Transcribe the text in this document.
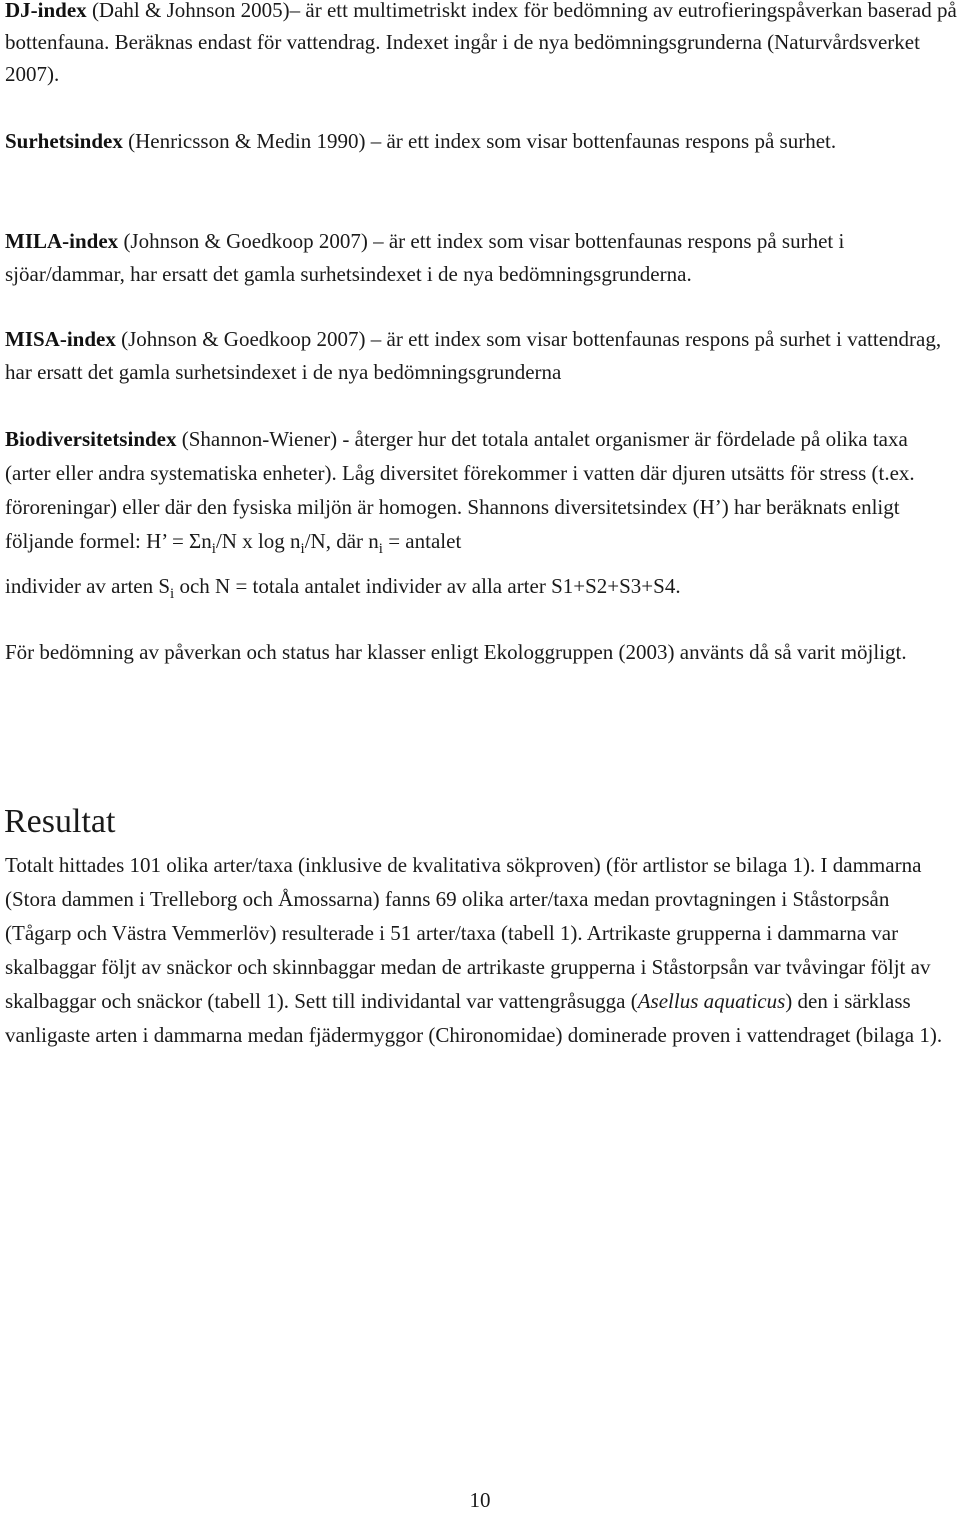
DJ-index (Dahl & Johnson 2005)– är ett multimetriskt index för bedömning av eutrofieringspåverkan baserad på bottenfauna. Beräknas endast för vattendrag. Indexet ingår i de nya bedömningsgrunderna (Naturvårdsverket 2007).

Surhetsindex (Henricsson & Medin 1990) – är ett index som visar bottenfaunas respons på surhet.

MILA-index (Johnson & Goedkoop 2007) – är ett index som visar bottenfaunas respons på surhet i sjöar/dammar, har ersatt det gamla surhetsindexet i de nya bedömningsgrunderna.

MISA-index (Johnson & Goedkoop 2007) – är ett index som visar bottenfaunas respons på surhet i vattendrag, har ersatt det gamla surhetsindexet i de nya bedömningsgrunderna

Biodiversitetsindex (Shannon-Wiener) - återger hur det totala antalet organismer är fördelade på olika taxa (arter eller andra systematiska enheter). Låg diversitet förekommer i vatten där djuren utsätts för stress (t.ex. föroreningar) eller där den fysiska miljön är homogen. Shannons diversitetsindex (H’) har beräknats enligt följande formel: H’ = $\Sigma n_i/N$ x $\log n_i/N$, där $n_i$ = antalet
individer av arten $S_i$ och N = totala antalet individer av alla arter S1+S2+S3+S4.

För bedömning av påverkan och status har klasser enligt Ekologgruppen (2003) använts då så varit möjligt.

Resultat

Totalt hittades 101 olika arter/taxa (inklusive de kvalitativa sökproven) (för artlistor se bilaga 1). I dammarna (Stora dammen i Trelleborg och Åmossarna) fanns 69 olika arter/taxa medan provtagningen i Ståstorpsån (Tågarp och Västra Vemmerlöv) resulterade i 51 arter/taxa (tabell 1). Artrikaste grupperna i dammarna var skalbaggar följt av snäckor och skinnbaggar medan de artrikaste grupperna i Ståstorpsån var tvåvingar följt av skalbaggar och snäckor (tabell 1). Sett till individantal var vattengråsugga (Asellus aquaticus) den i särklass vanligaste arten i dammarna medan fjädermyggor (Chironomidae) dominerade proven i vattendraget (bilaga 1).

10
